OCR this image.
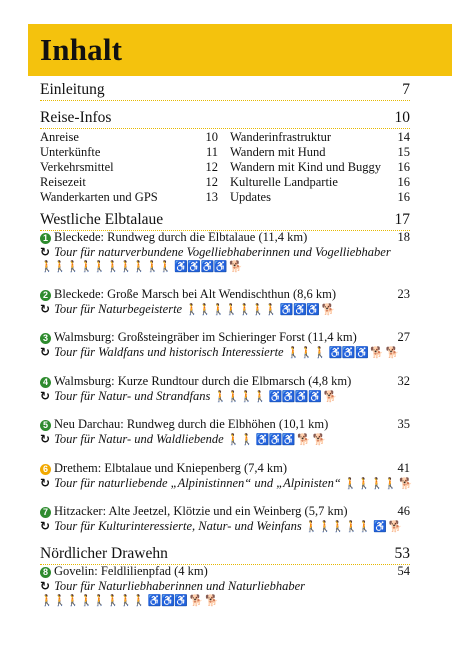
Inhalt
Einleitung	7
Reise-Infos	10
Anreise	10
Unterkünfte	11
Verkehrsmittel	12
Reisezeit	12
Wanderkarten und GPS	13
Wanderinfrastruktur	14
Wandern mit Hund	15
Wandern mit Kind und Buggy	16
Kulturelle Landpartie	16
Updates	16
Westliche Elbtalaue	17
1 Bleckede: Rundweg durch die Elbtalaue (11,4 km)	18
↻ Tour für naturverbundene Vogelliebhaberinnen und Vogelliebhaber
🚶🚶🚶🚶🚶🚶🚶🚶🚶🚶 ♿♿♿♿ 🐕
2 Bleckede: Große Marsch bei Alt Wendischthun (8,6 km)	23
↻ Tour für Naturbegeisterte 🚶🚶🚶🚶🚶🚶🚶 ♿♿♿ 🐕
3 Walmsburg: Großsteingräber im Schieringer Forst (11,4 km)	27
↻ Tour für Waldfans und historisch Interessierte 🚶🚶🚶 ♿♿♿ 🐕 🐕
4 Walmsburg: Kurze Rundtour durch die Elbmarsch (4,8 km)	32
↻ Tour für Natur- und Strandfans 🚶🚶🚶🚶 ♿♿♿♿ 🐕
5 Neu Darchau: Rundweg durch die Elbhöhen (10,1 km)	35
↻ Tour für Natur- und Waldliebende 🚶🚶 ♿♿♿ 🐕 🐕
6 Drethem: Elbtalaue und Kniepenberg (7,4 km)	41
↻ Tour für naturliebende „Alpinistinnen“ und „Alpinisten“ 🚶🚶🚶🚶 🐕
7 Hitzacker: Alte Jeetzel, Klötzie und ein Weinberg (5,7 km)	46
↻ Tour für Kulturinteressierte, Natur- und Weinfans 🚶🚶🚶🚶🚶 ♿ 🐕
Nördlicher Drawehn	53
8 Govelin: Feldlilienpfad (4 km)	54
↻ Tour für Naturliebhaberinnen und Naturliebhaber
🚶🚶🚶🚶🚶🚶🚶🚶 ♿♿♿ 🐕 🐕
